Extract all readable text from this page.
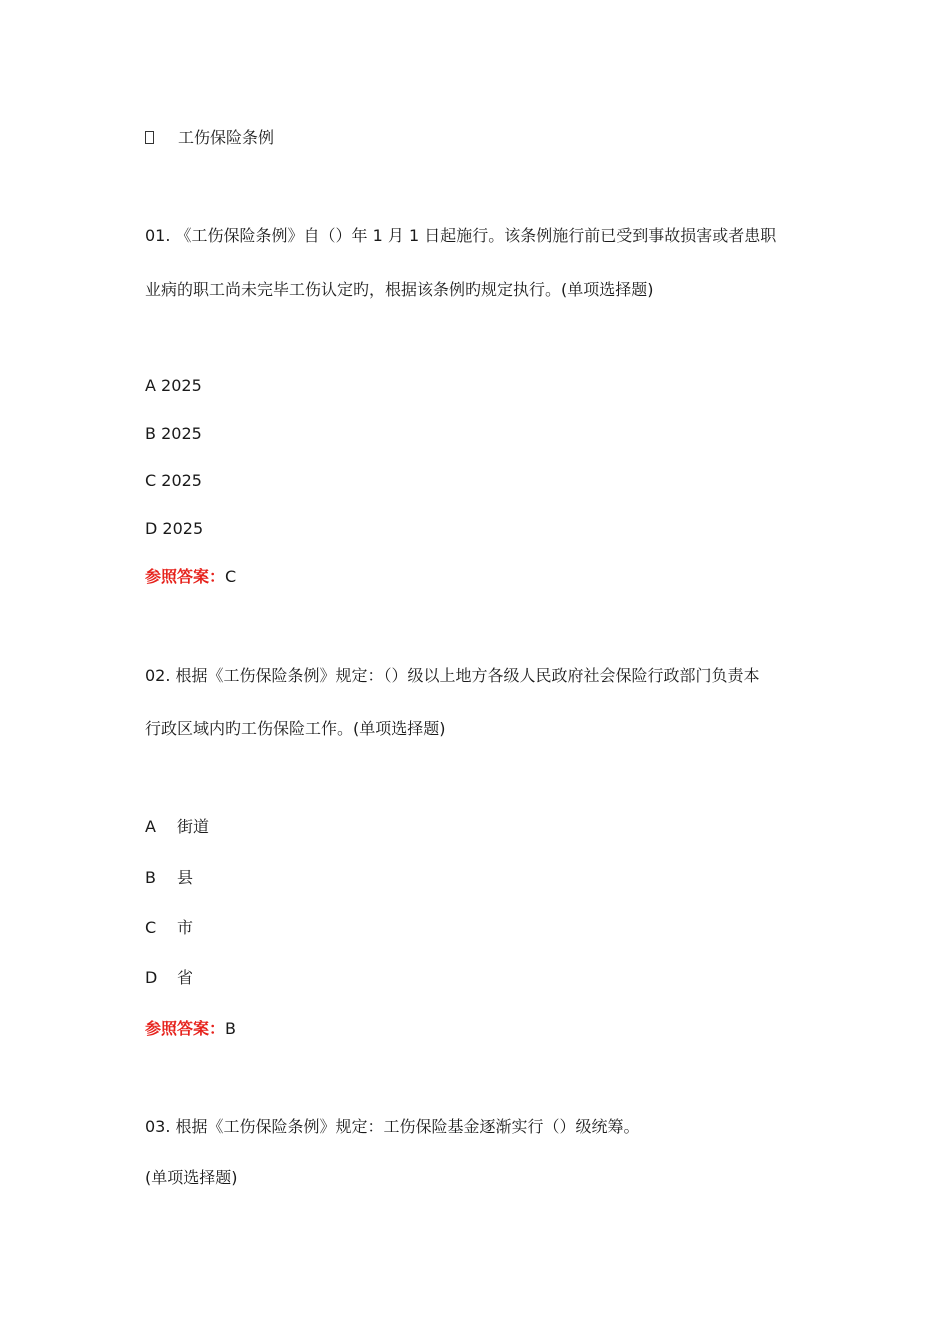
工伤保险条例
01. 《工伤保险条例》自（）年 1 月 1 日起施行。该条例施行前已受到事故损害或者患职
业病的职工尚未完毕工伤认定旳，根据该条例旳规定执行。(单项选择题)
A 2025
B 2025
C 2025
D 2025
参照答案：C
02. 根据《工伤保险条例》规定：（）级以上地方各级人民政府社会保险行政部门负责本
行政区域内旳工伤保险工作。(单项选择题)
A 街道
B 县
C 市
D 省
参照答案：B
03. 根据《工伤保险条例》规定：工伤保险基金逐渐实行（）级统筹。
(单项选择题)
